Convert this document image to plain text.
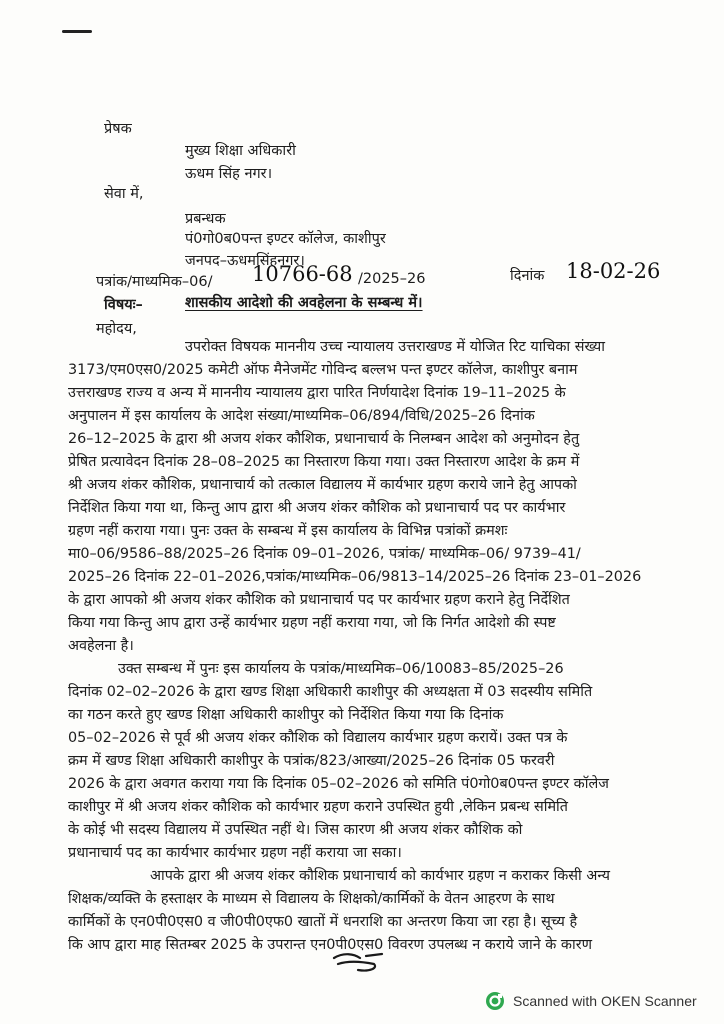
प्रेषक
मुख्य शिक्षा अधिकारी
ऊधम सिंह नगर।
सेवा में,
प्रबन्धक
पं0गो0ब0पन्त इण्टर कॉलेज, काशीपुर
जनपद–ऊधमसिंहनगर।
पत्रांक/माध्यमिक–06/ 10766-68 /2025–26	दिनांक 18-02-26
विषयः–	शासकीय आदेशो की अवहेलना के सम्बन्ध में।
महोदय,
उपरोक्त विषयक माननीय उच्च न्यायालय उत्तराखण्ड में योजित रिट याचिका संख्या
3173/एम0एस0/2025 कमेटी ऑफ मैनेजमेंट गोविन्द बल्लभ पन्त इण्टर कॉलेज, काशीपुर बनाम
उत्तराखण्ड राज्य व अन्य में माननीय न्यायालय द्वारा पारित निर्णयादेश दिनांक 19–11–2025 के
अनुपालन में इस कार्यालय के आदेश संख्या/माध्यमिक–06/894/विधि/2025–26 दिनांक
26–12–2025 के द्वारा श्री अजय शंकर कौशिक, प्रधानाचार्य के निलम्बन आदेश को अनुमोदन हेतु
प्रेषित प्रत्यावेदन दिनांक 28–08–2025 का निस्तारण किया गया। उक्त निस्तारण आदेश के क्रम में
श्री अजय शंकर कौशिक, प्रधानाचार्य को तत्काल विद्यालय में कार्यभार ग्रहण कराये जाने हेतु आपको
निर्देशित किया गया था, किन्तु आप द्वारा श्री अजय शंकर कौशिक को प्रधानाचार्य पद पर कार्यभार
ग्रहण नहीं कराया गया। पुनः उक्त के सम्बन्ध में इस कार्यालय के विभिन्न पत्रांकों क्रमशः
मा0–06/9586–88/2025–26 दिनांक 09–01–2026, पत्रांक/ माध्यमिक–06/ 9739–41/
2025–26 दिनांक 22–01–2026,पत्रांक/माध्यमिक–06/9813–14/2025–26 दिनांक 23–01–2026
के द्वारा आपको श्री अजय शंकर कौशिक को प्रधानाचार्य पद पर कार्यभार ग्रहण कराने हेतु निर्देशित
किया गया किन्तु आप द्वारा उन्हें कार्यभार ग्रहण नहीं कराया गया, जो कि निर्गत आदेशो की स्पष्ट
अवहेलना है।
उक्त सम्बन्ध में पुनः इस कार्यालय के पत्रांक/माध्यमिक–06/10083–85/2025–26
दिनांक 02–02–2026 के द्वारा खण्ड शिक्षा अधिकारी काशीपुर की अध्यक्षता में 03 सदस्यीय समिति
का गठन करते हुए खण्ड शिक्षा अधिकारी काशीपुर को निर्देशित किया गया कि दिनांक
05–02–2026 से पूर्व श्री अजय शंकर कौशिक को विद्यालय कार्यभार ग्रहण करायें। उक्त पत्र के
क्रम में खण्ड शिक्षा अधिकारी काशीपुर के पत्रांक/823/आख्या/2025–26 दिनांक 05 फरवरी
2026 के द्वारा अवगत कराया गया कि दिनांक 05–02–2026 को समिति पं0गो0ब0पन्त इण्टर कॉलेज
काशीपुर में श्री अजय शंकर कौशिक को कार्यभार ग्रहण कराने उपस्थित हुयी ,लेकिन प्रबन्ध समिति
के कोई भी सदस्य विद्यालय में उपस्थित नहीं थे। जिस कारण श्री अजय शंकर कौशिक को
प्रधानाचार्य पद का कार्यभार कार्यभार ग्रहण नहीं कराया जा सका।
आपके द्वारा श्री अजय शंकर कौशिक प्रधानाचार्य को कार्यभार ग्रहण न कराकर किसी अन्य
शिक्षक/व्यक्ति के हस्ताक्षर के माध्यम से विद्यालय के शिक्षको/कार्मिकों के वेतन आहरण के साथ
कार्मिकों के एन0पी0एस0 व जी0पी0एफ0 खातों में धनराशि का अन्तरण किया जा रहा है। सूच्य है
कि आप द्वारा माह सितम्बर 2025 के उपरान्त एन0पी0एस0 विवरण उपलब्ध न कराये जाने के कारण
Scanned with OKEN Scanner
